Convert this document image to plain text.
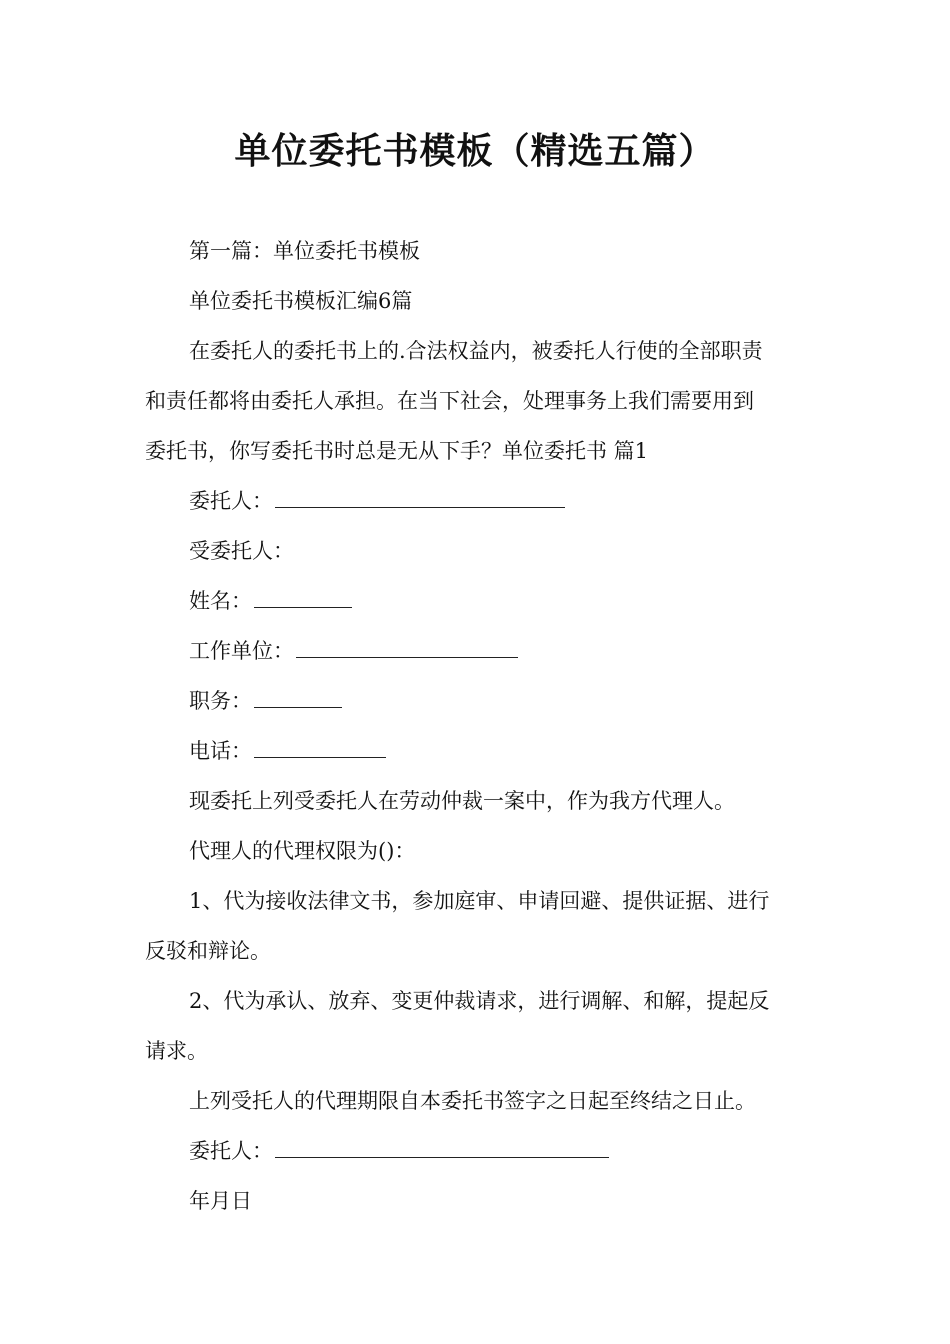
单位委托书模板（精选五篇）
第一篇：单位委托书模板
单位委托书模板汇编6篇
在委托人的委托书上的.合法权益内，被委托人行使的全部职责
和责任都将由委托人承担。在当下社会，处理事务上我们需要用到
委托书，你写委托书时总是无从下手？单位委托书 篇1
委托人：
受委托人：
姓名：
工作单位：
职务：
电话：
现委托上列受委托人在劳动仲裁一案中，作为我方代理人。
代理人的代理权限为()：
1、代为接收法律文书，参加庭审、申请回避、提供证据、进行
反驳和辩论。
2、代为承认、放弃、变更仲裁请求，进行调解、和解，提起反
请求。
上列受托人的代理期限自本委托书签字之日起至终结之日止。
委托人：
年月日
